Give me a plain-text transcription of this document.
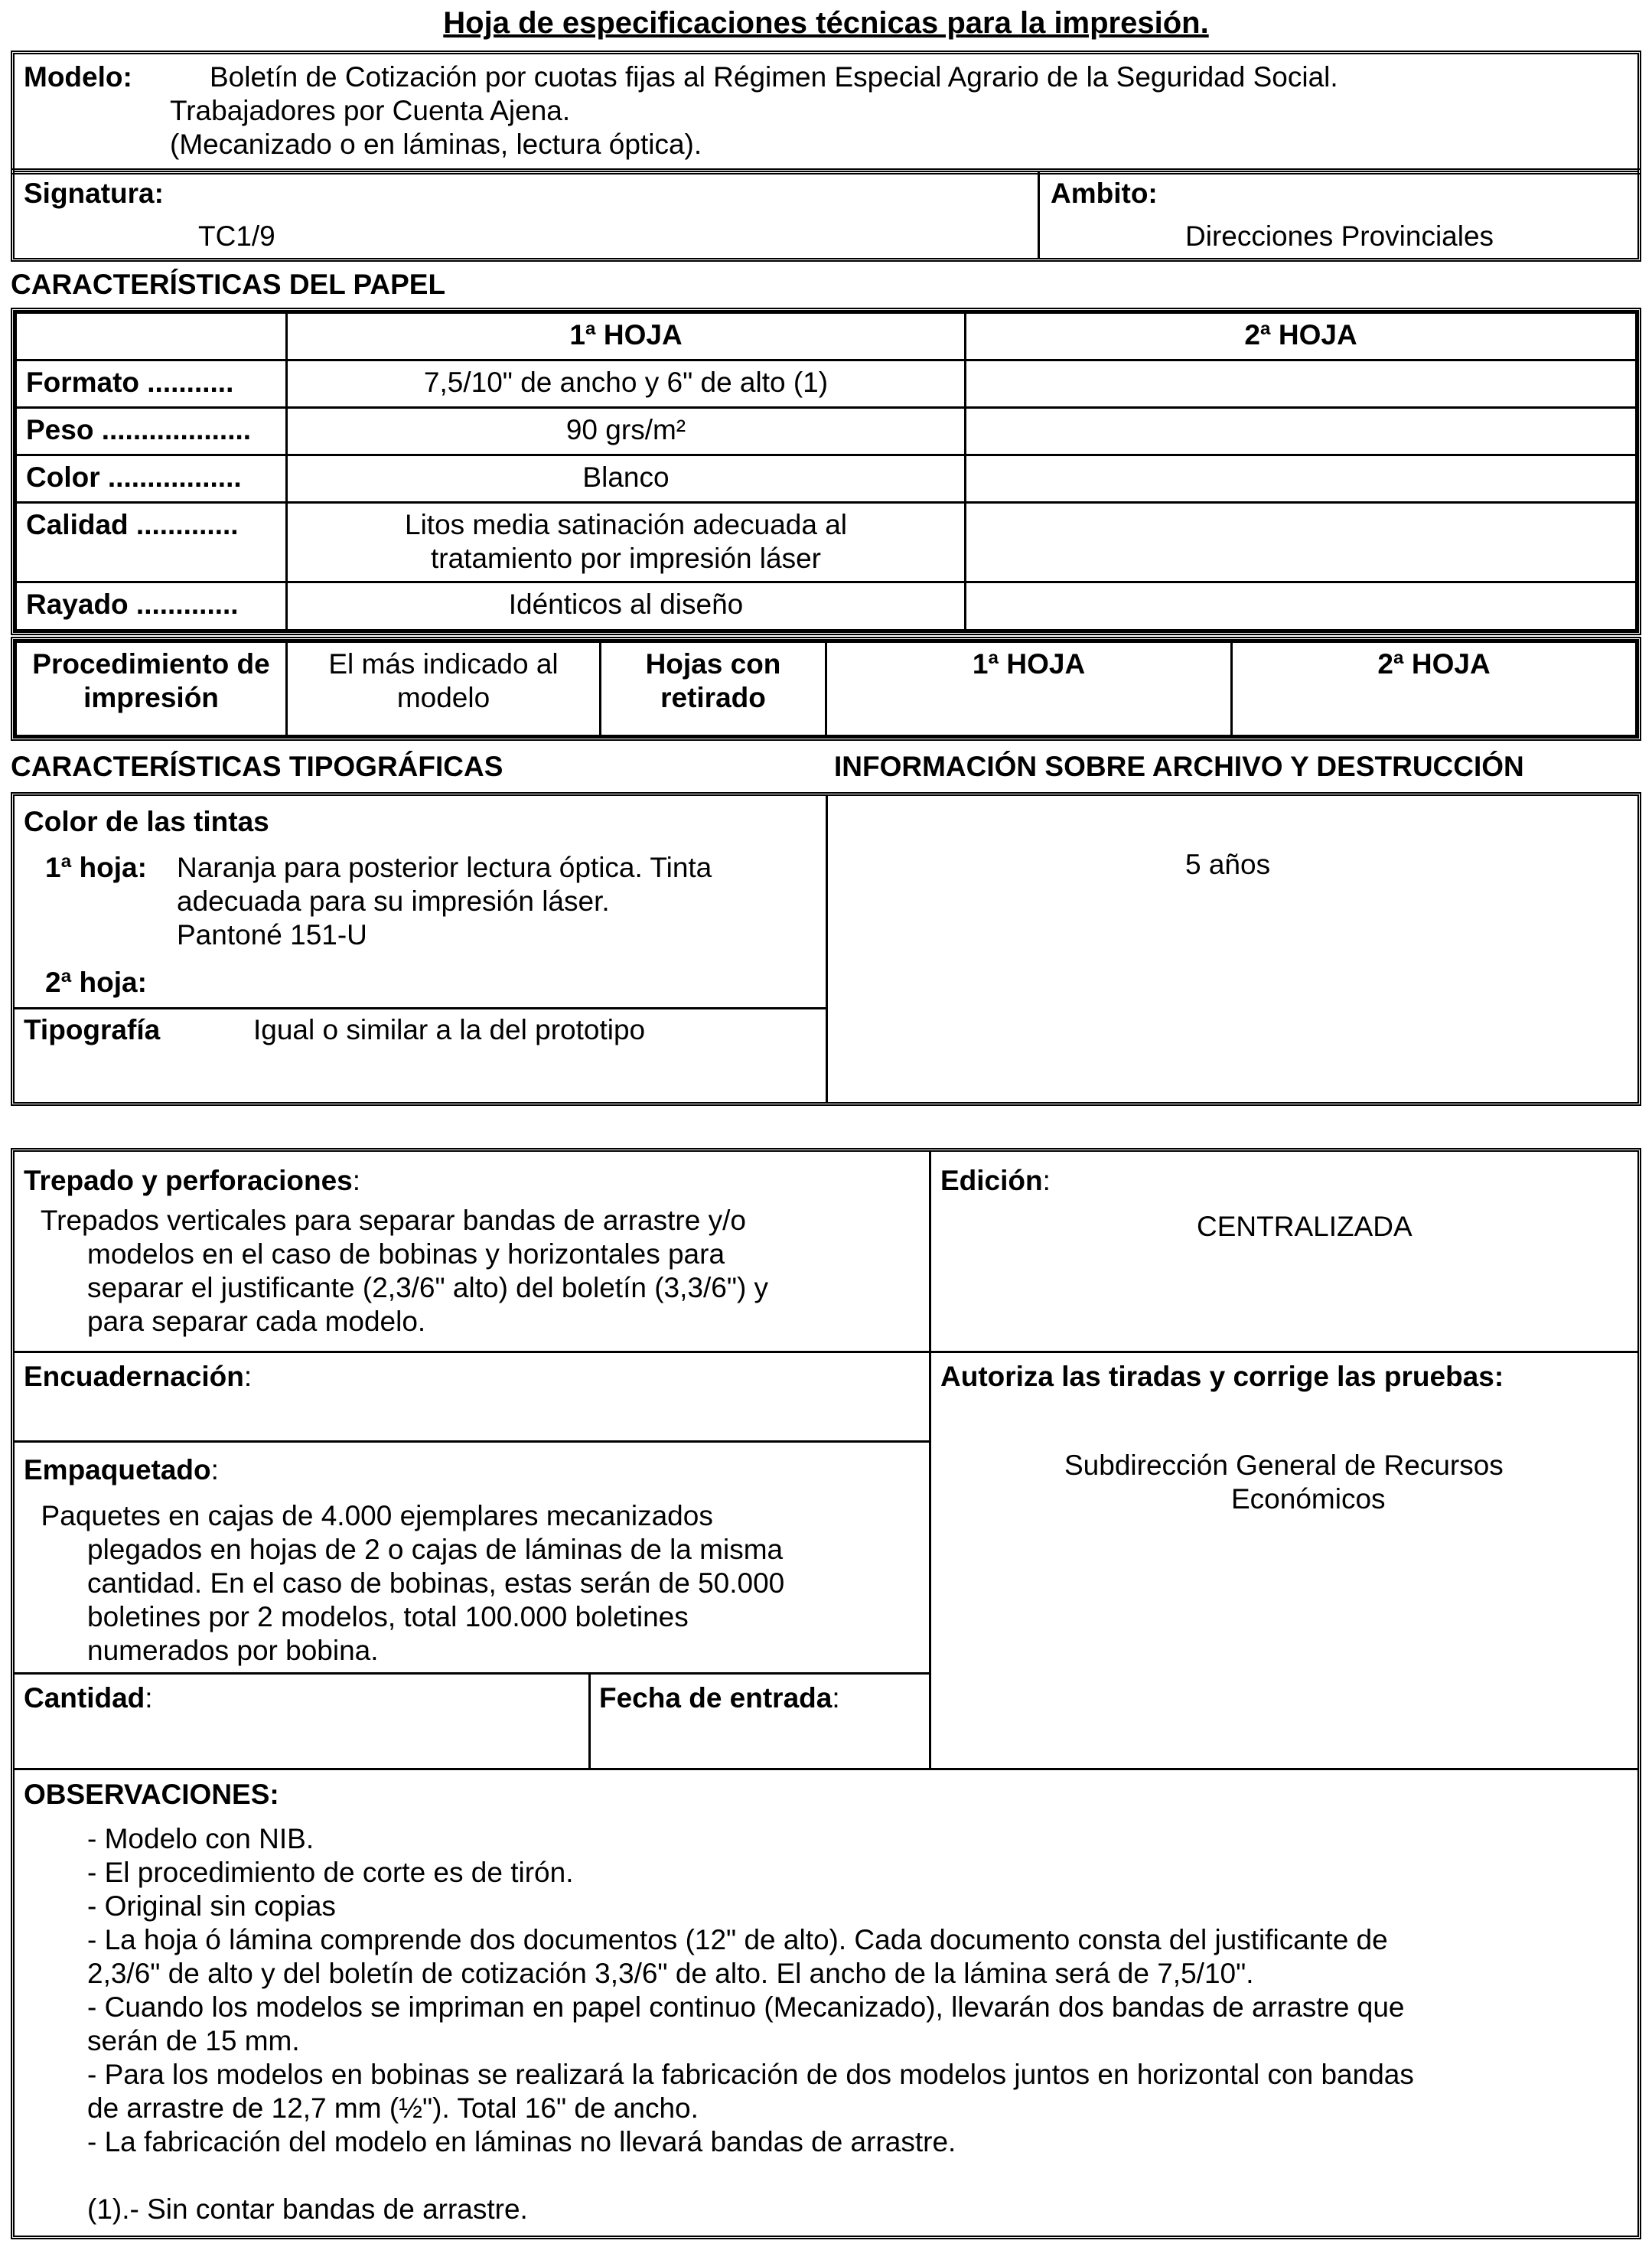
Hoja de especificaciones técnicas para la impresión.
Modelo:	Boletín de Cotización por cuotas fijas al Régimen Especial Agrario de la Seguridad Social.
Trabajadores por Cuenta Ajena.
(Mecanizado o en láminas, lectura óptica).
Signatura:
TC1/9
Ambito:
Direcciones Provinciales
CARACTERÍSTICAS DEL PAPEL
	1ª HOJA	2ª HOJA
Formato ...........	7,5/10" de ancho y 6" de alto (1)	
Peso ...................	90 grs/m²	
Color .................	Blanco	
Calidad .............	Litos media satinación adecuada al tratamiento por impresión láser	
Rayado .............	Idénticos al diseño	
Procedimiento de impresión	El más indicado al modelo	Hojas con retirado	1ª HOJA	2ª HOJA
CARACTERÍSTICAS TIPOGRÁFICAS	INFORMACIÓN SOBRE ARCHIVO Y DESTRUCCIÓN
Color de las tintas
1ª hoja: Naranja para posterior lectura óptica. Tinta
adecuada para su impresión láser.
Pantoné 151-U
2ª hoja:
Tipografía	Igual o similar a la del prototipo
5 años
Trepado y perforaciones:
Trepados verticales para separar bandas de arrastre y/o
modelos en el caso de bobinas y horizontales para
separar el justificante (2,3/6" alto) del boletín (3,3/6") y
para separar cada modelo.
Edición:
CENTRALIZADA
Encuadernación:	Autoriza las tiradas y corrige las pruebas:
Subdirección General de Recursos
Económicos
Empaquetado:
Paquetes en cajas de 4.000 ejemplares mecanizados
plegados en hojas de 2 o cajas de láminas de la misma
cantidad. En el caso de bobinas, estas serán de 50.000
boletines por 2 modelos, total 100.000 boletines
numerados por bobina.
Cantidad:	Fecha de entrada:
OBSERVACIONES:
- Modelo con NIB.
- El procedimiento de corte es de tirón.
- Original sin copias
- La hoja ó lámina comprende dos documentos (12" de alto). Cada documento consta del justificante de
2,3/6" de alto y del boletín de cotización 3,3/6" de alto. El ancho de la lámina será de 7,5/10".
- Cuando los modelos se impriman en papel continuo (Mecanizado), llevarán dos bandas de arrastre que
serán de 15 mm.
- Para los modelos en bobinas se realizará la fabricación de dos modelos juntos en horizontal con bandas
de arrastre de 12,7 mm (½"). Total 16" de ancho.
- La fabricación del modelo en láminas no llevará bandas de arrastre.
(1).- Sin contar bandas de arrastre.
